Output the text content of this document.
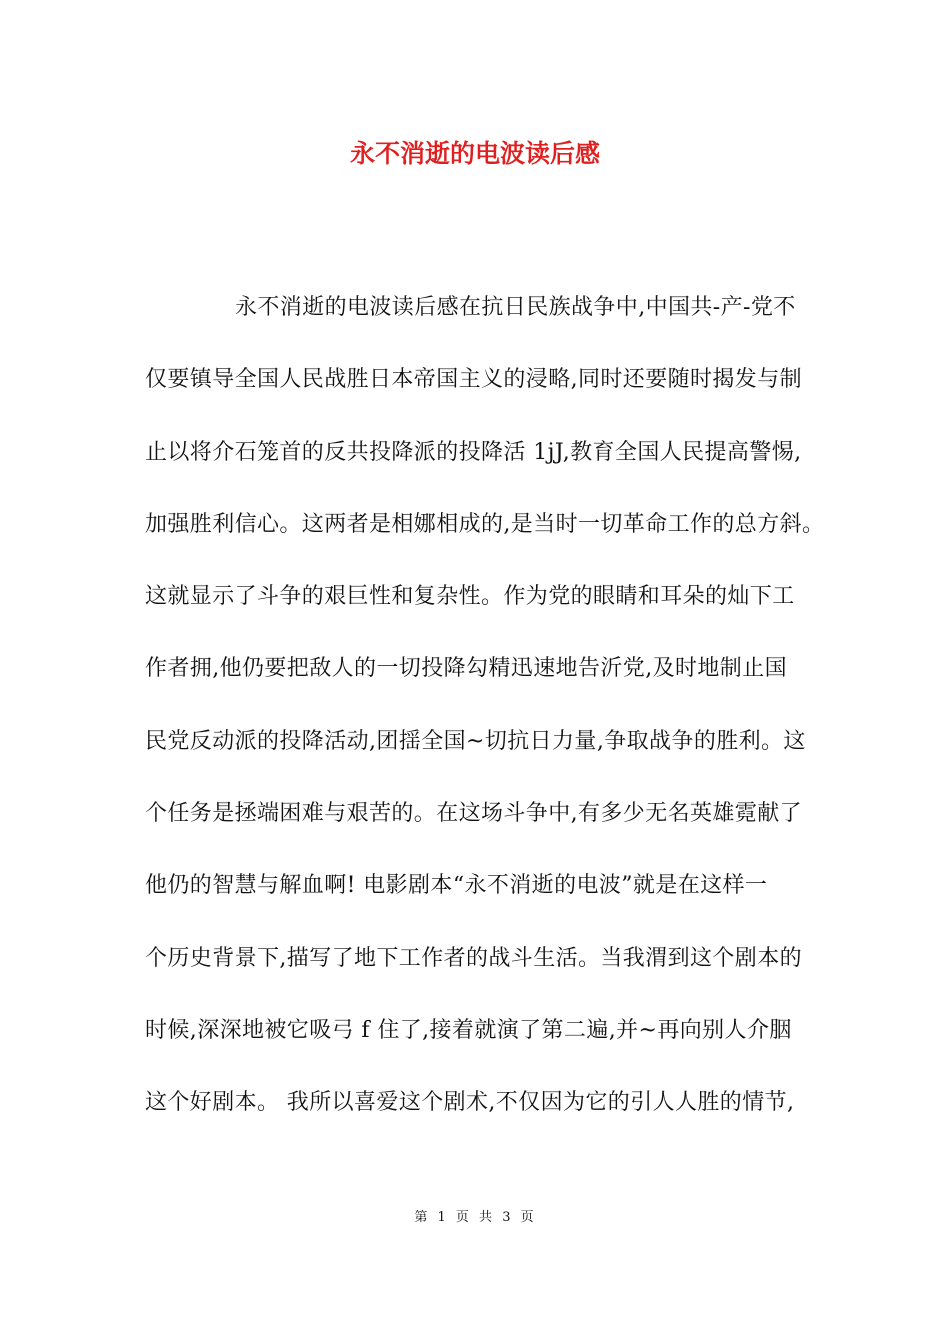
永不消逝的电波读后感
永不消逝的电波读后感在抗日民族战争中,中国共-产-党不
仅要镇导全国人民战胜日本帝国主义的浸略,同时还要随时揭发与制
止以将介石笼首的反共投降派的投降活 1jJ,教育全国人民提高警惕,
加强胜利信心。这两者是相娜相成的,是当时一切革命工作的总方斜。
这就显示了斗争的艰巨性和复杂性。作为党的眼睛和耳朵的灿下工
作者拥,他仍要把敌人的一切投降勾精迅速地告沂党,及时地制止国
民党反动派的投降活动,团揺全国~切抗日力量,争取战争的胜利。这
个任务是拯端困难与艰苦的。在这场斗争中,有多少无名英雄霓献了
他仍的智慧与解血啊! 电影剧本“永不消逝的电波”就是在这样一
个历史背景下,描写了地下工作者的战斗生活。当我渭到这个剧本的
时候,深深地被它吸弓 f 住了,接着就演了第二遍,并~再向别人介胭
这个好剧本。 我所以喜爱这个剧术,不仅因为它的引人人胜的情节,
第 1 页 共 3 页
